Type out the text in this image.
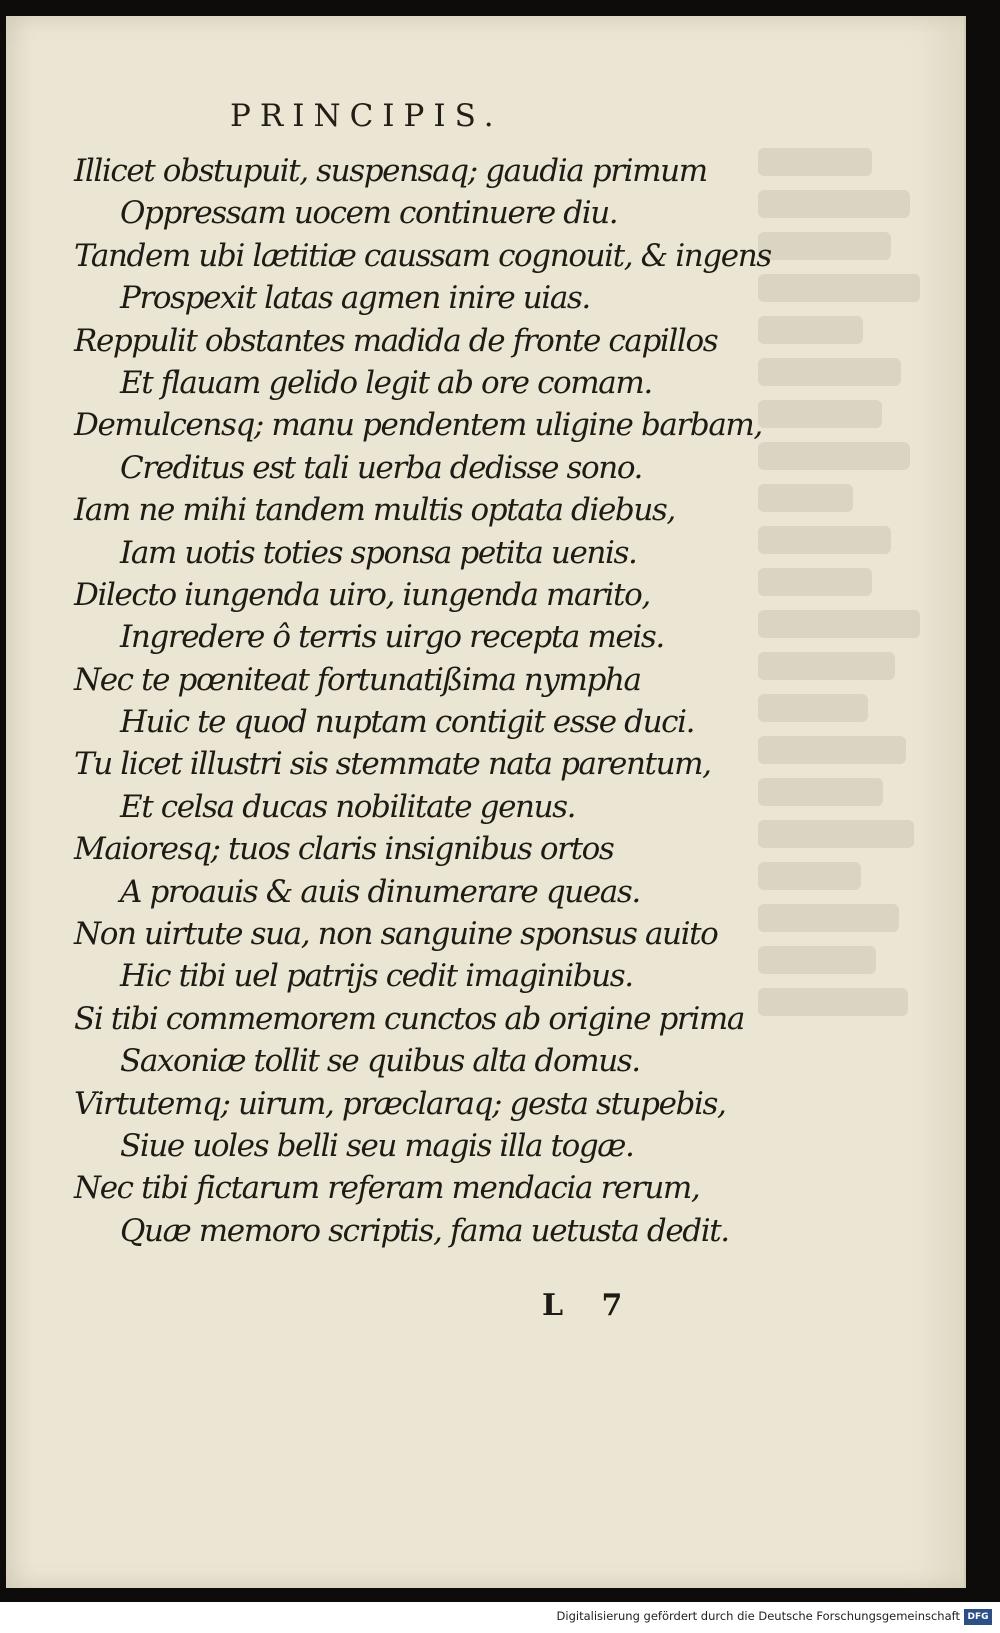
PRINCIPIS.
Illicet obstupuit, suspensaq; gaudia primum
Oppressam uocem continuere diu.
Tandem ubi lætitiæ caussam cognouit, & ingens
Prospexit latas agmen inire uias.
Reppulit obstantes madida de fronte capillos
Et flauam gelido legit ab ore comam.
Demulcensq; manu pendentem uligine barbam,
Creditus est tali uerba dedisse sono.
Iam ne mihi tandem multis optata diebus,
Iam uotis toties sponsa petita uenis.
Dilecto iungenda uiro, iungenda marito,
Ingredere ô terris uirgo recepta meis.
Nec te pœniteat fortunatißima nympha
Huic te quod nuptam contigit esse duci.
Tu licet illustri sis stemmate nata parentum,
Et celsa ducas nobilitate genus.
Maioresq; tuos claris insignibus ortos
A proauis & auis dinumerare queas.
Non uirtute sua, non sanguine sponsus auito
Hic tibi uel patrijs cedit imaginibus.
Si tibi commemorem cunctos ab origine prima
Saxoniæ tollit se quibus alta domus.
Virtutemq; uirum, præclaraq; gesta stupebis,
Siue uoles belli seu magis illa togæ.
Nec tibi fictarum referam mendacia rerum,
Quæ memoro scriptis, fama uetusta dedit.
L 7
Digitalisierung gefördert durch die Deutsche Forschungsgemeinschaft DFG
